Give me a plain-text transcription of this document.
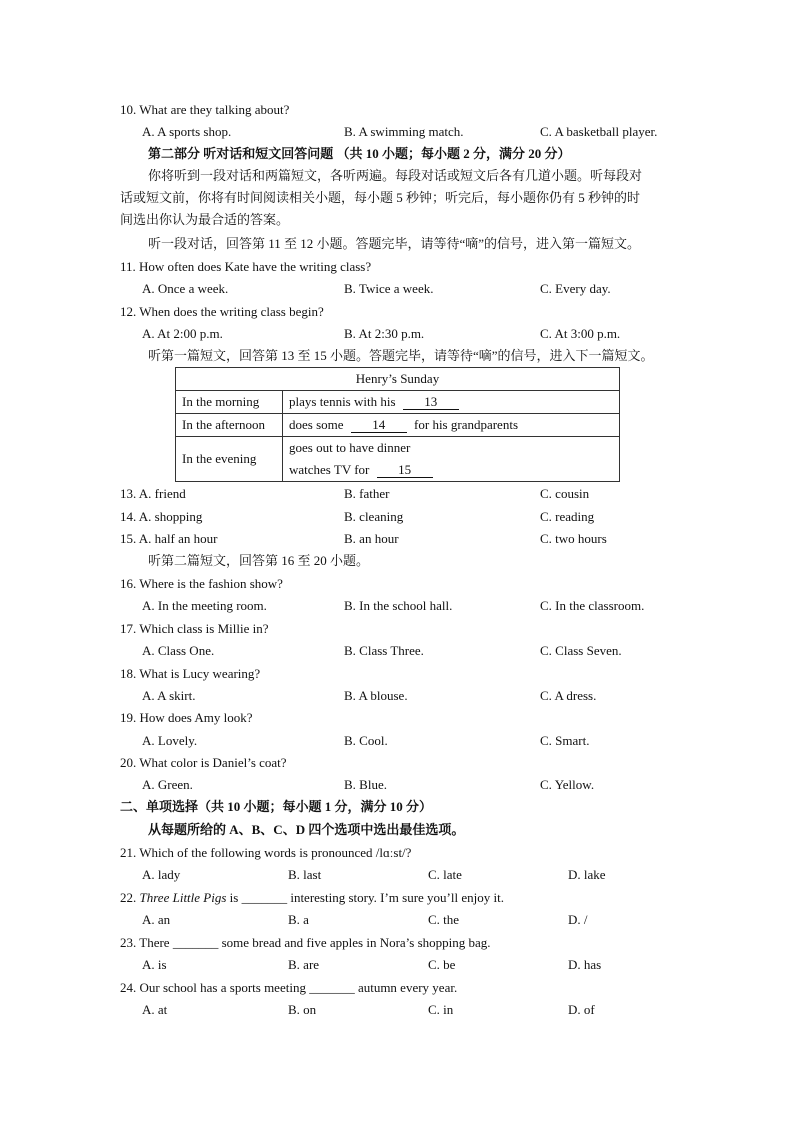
10. What are they talking about?
A. A sports shop.	B. A swimming match.	C. A basketball player.
第二部分 听对话和短文回答问题 （共 10 小题；每小题 2 分，满分 20 分）
你将听到一段对话和两篇短文，各听两遍。每段对话或短文后各有几道小题。听每段对
话或短文前，你将有时间阅读相关小题，每小题 5 秒钟；听完后，每小题你仍有 5 秒钟的时
间选出你认为最合适的答案。
听一段对话，回答第 11 至 12 小题。答题完毕，请等待“嘀”的信号，进入第一篇短文。
11. How often does Kate have the writing class?
A. Once a week.	B. Twice a week.	C. Every day.
12. When does the writing class begin?
A. At 2:00 p.m.	B. At 2:30 p.m.	C. At 3:00 p.m.
听第一篇短文，回答第 13 至 15 小题。答题完毕，请等待“嘀”的信号，进入下一篇短文。
Henry’s Sunday	
In the morning	plays tennis with his 13
In the afternoon	does some 14 for his grandparents
In the evening	goes out to have dinner
watches TV for 15
13. A. friend	B. father	C. cousin
14. A. shopping	B. cleaning	C. reading
15. A. half an hour	B. an hour	C. two hours
听第二篇短文，回答第 16 至 20 小题。
16. Where is the fashion show?
A. In the meeting room.	B. In the school hall.	C. In the classroom.
17. Which class is Millie in?
A. Class One.	B. Class Three.	C. Class Seven.
18. What is Lucy wearing?
A. A skirt.	B. A blouse.	C. A dress.
19. How does Amy look?
A. Lovely.	B. Cool.	C. Smart.
20. What color is Daniel’s coat?
A. Green.	B. Blue.	C. Yellow.
二、单项选择（共 10 小题；每小题 1 分，满分 10 分）
从每题所给的 A、B、C、D 四个选项中选出最佳选项。
21. Which of the following words is pronounced /lɑːst/?
A. lady	B. last	C. late	D. lake
22. Three Little Pigs is _______ interesting story. I’m sure you’ll enjoy it.
A. an	B. a	C. the	D. /
23. There _______ some bread and five apples in Nora’s shopping bag.
A. is	B. are	C. be	D. has
24. Our school has a sports meeting _______ autumn every year.
A. at	B. on	C. in	D. of
